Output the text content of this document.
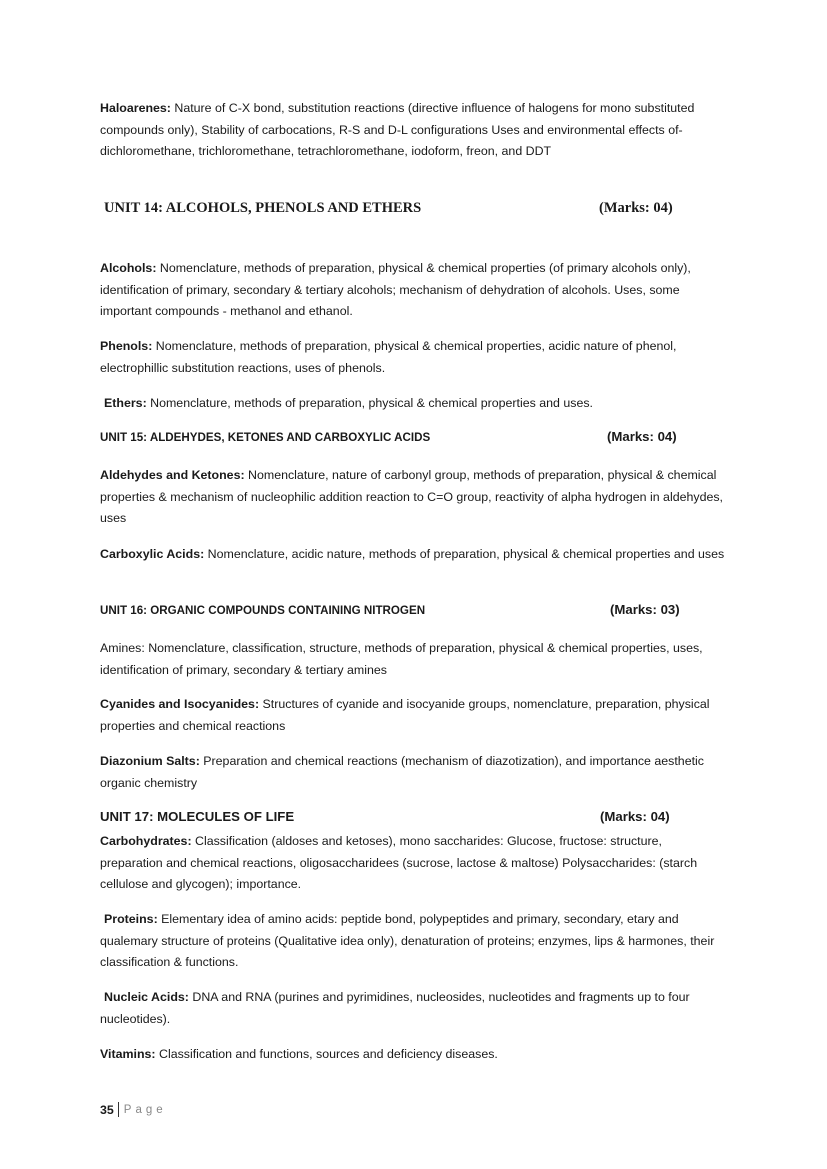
Haloarenes: Nature of C-X bond, substitution reactions (directive influence of halogens for mono substituted compounds only), Stability of carbocations, R-S and D-L configurations Uses and environmental effects of-dichloromethane, trichloromethane, tetrachloromethane, iodoform, freon, and DDT

UNIT 14: ALCOHOLS, PHENOLS AND ETHERS	(Marks: 04)

Alcohols: Nomenclature, methods of preparation, physical & chemical properties (of primary alcohols only), identification of primary, secondary & tertiary alcohols; mechanism of dehydration of alcohols. Uses, some important compounds - methanol and ethanol.

Phenols: Nomenclature, methods of preparation, physical & chemical properties, acidic nature of phenol, electrophillic substitution reactions, uses of phenols.

Ethers: Nomenclature, methods of preparation, physical & chemical properties and uses.

UNIT 15: ALDEHYDES, KETONES AND CARBOXYLIC ACIDS	(Marks: 04)

Aldehydes and Ketones: Nomenclature, nature of carbonyl group, methods of preparation, physical & chemical properties & mechanism of nucleophilic addition reaction to C=O group, reactivity of alpha hydrogen in aldehydes, uses

Carboxylic Acids: Nomenclature, acidic nature, methods of preparation, physical & chemical properties and uses

UNIT 16: ORGANIC COMPOUNDS CONTAINING NITROGEN	(Marks: 03)

Amines: Nomenclature, classification, structure, methods of preparation, physical & chemical properties, uses, identification of primary, secondary & tertiary amines

Cyanides and Isocyanides: Structures of cyanide and isocyanide groups, nomenclature, preparation, physical properties and chemical reactions

Diazonium Salts: Preparation and chemical reactions (mechanism of diazotization), and importance aesthetic organic chemistry

UNIT 17: MOLECULES OF LIFE	(Marks: 04)

Carbohydrates: Classification (aldoses and ketoses), mono saccharides: Glucose, fructose: structure, preparation and chemical reactions, oligosaccharidees (sucrose, lactose & maltose) Polysaccharides: (starch cellulose and glycogen); importance.

Proteins: Elementary idea of amino acids: peptide bond, polypeptides and primary, secondary, etary and qualemary structure of proteins (Qualitative idea only), denaturation of proteins; enzymes, lips & harmones, their classification & functions.

Nucleic Acids: DNA and RNA (purines and pyrimidines, nucleosides, nucleotides and fragments up to four nucleotides).

Vitamins: Classification and functions, sources and deficiency diseases.

35 Page
